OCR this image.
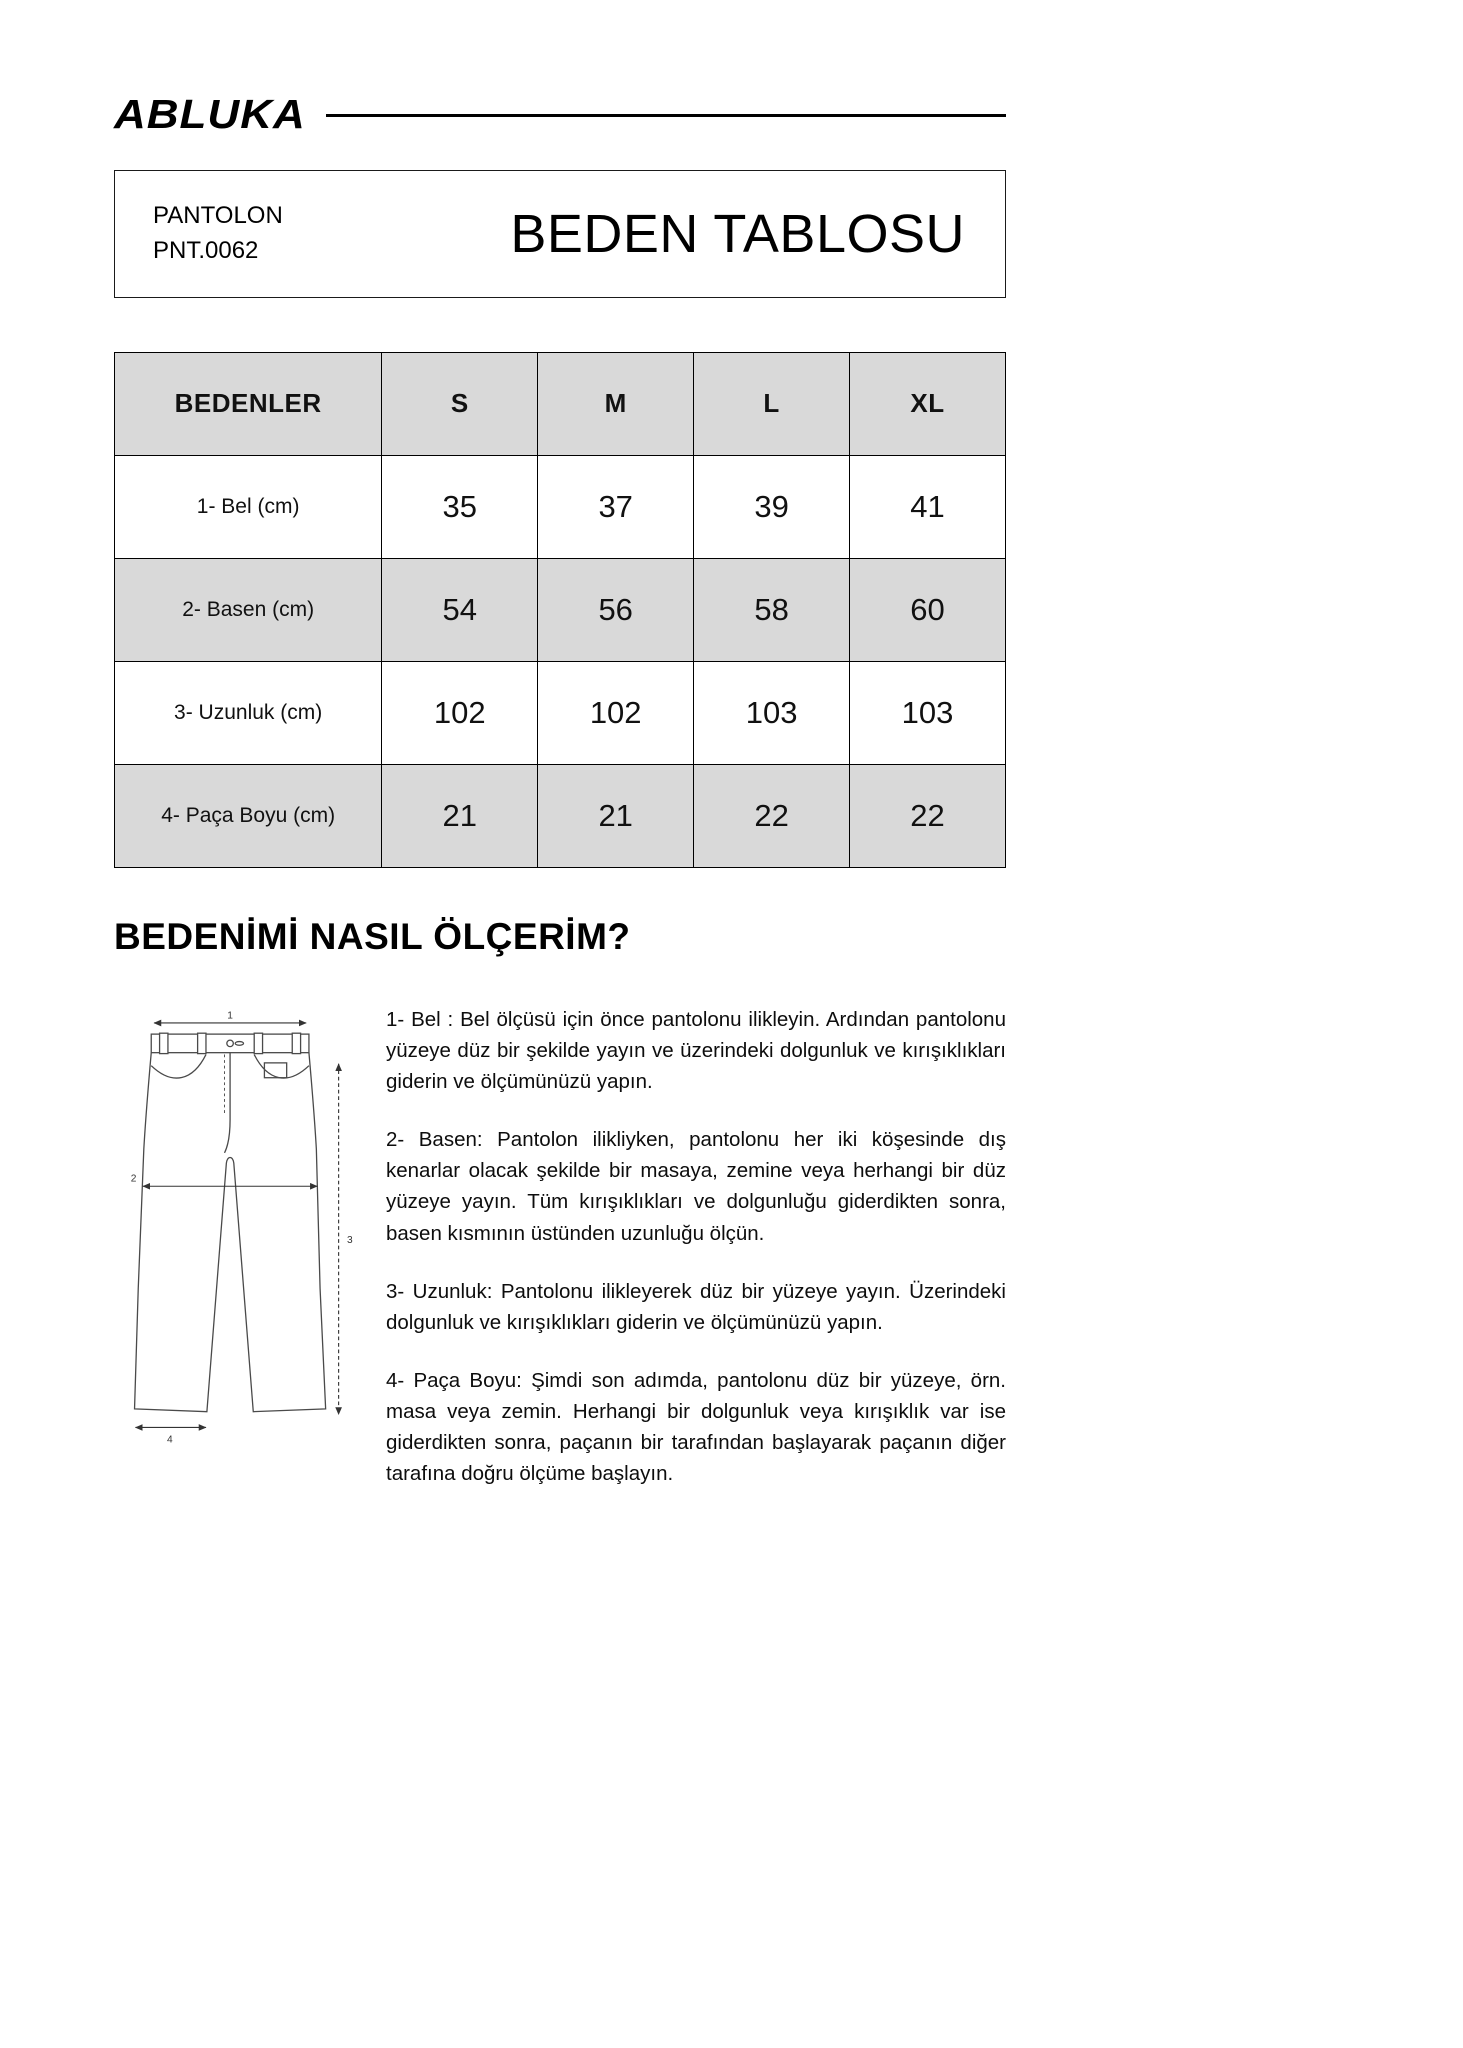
ABLUKA
PANTOLON
PNT.0062	BEDEN TABLOSU
BEDENLER	S	M	L	XL
1- Bel (cm)	35	37	39	41
2- Basen (cm)	54	56	58	60
3- Uzunluk (cm)	102	102	103	103
4- Paça Boyu (cm)	21	21	22	22
BEDENİMİ NASIL ÖLÇERİM?
1
2
3
4

1- Bel : Bel ölçüsü için önce pantolonu ilikleyin. Ardından pantolonu yüzeye düz bir şekilde yayın ve üzerindeki dolgunluk ve kırışıklıkları giderin ve ölçümünüzü yapın.

2- Basen: Pantolon ilikliyken, pantolonu her iki köşesinde dış kenarlar olacak şekilde bir masaya, zemine veya herhangi bir düz yüzeye yayın. Tüm kırışıklıkları ve dolgunluğu giderdikten sonra, basen kısmının üstünden uzunluğu ölçün.

3- Uzunluk: Pantolonu ilikleyerek düz bir yüzeye yayın. Üzerindeki dolgunluk ve kırışıklıkları giderin ve ölçümünüzü yapın.

4- Paça Boyu: Şimdi son adımda, pantolonu düz bir yüzeye, örn. masa veya zemin. Herhangi bir dolgunluk veya kırışıklık var ise giderdikten sonra, paçanın bir tarafından başlayarak paçanın diğer tarafına doğru ölçüme başlayın.
